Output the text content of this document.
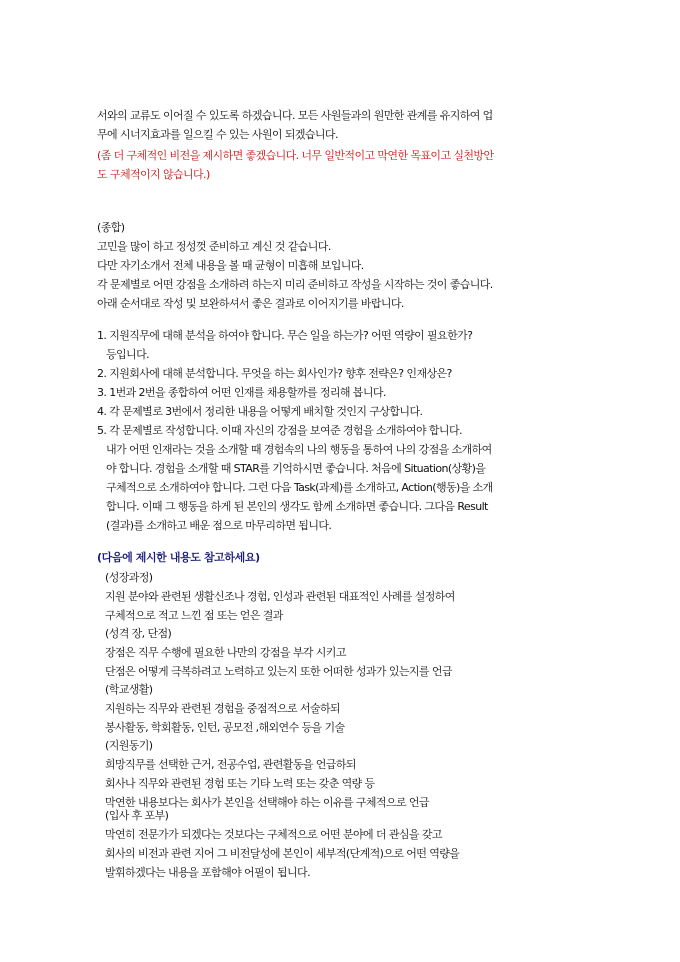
서와의 교류도 이어질 수 있도록 하겠습니다. 모든 사원들과의 원만한 관계를 유지하여 업
무에 시너지효과를 일으킬 수 있는 사원이 되겠습니다.
(좀 더 구체적인 비전을 제시하면 좋겠습니다. 너무 일반적이고 막연한 목표이고 실천방안
도 구체적이지 않습니다.)
(종합)
고민을 많이 하고 정성껏 준비하고 계신 것 같습니다.
다만 자기소개서 전체 내용을 볼 때 균형이 미흡해 보입니다.
각 문제별로 어떤 강점을 소개하려 하는지 미리 준비하고 작성을 시작하는 것이 좋습니다.
아래 순서대로 작성 및 보완하셔서 좋은 결과로 이어지기를 바랍니다.
1. 지원직무에 대해 분석을 하여야 합니다. 무슨 일을 하는가? 어떤 역량이 필요한가?
등입니다.
2. 지원회사에 대해 분석합니다. 무엇을 하는 회사인가? 향후 전략은? 인재상은?
3. 1번과 2번을 종합하여 어떤 인재를 채용할까를 정리해 봅니다.
4. 각 문제별로 3번에서 정리한 내용을 어떻게 배치할 것인지 구상합니다.
5. 각 문제별로 작성합니다. 이때 자신의 강점을 보여준 경험을 소개하여야 합니다.
내가 어떤 인재라는 것을 소개할 때 경험속의 나의 행동을 통하여 나의 강점을 소개하여
야 합니다. 경험을 소개할 때 STAR를 기억하시면 좋습니다. 처음에 Situation(상황)을
구체적으로 소개하여야 합니다. 그런 다음 Task(과제)를 소개하고, Action(행동)을 소개
합니다. 이때 그 행동을 하게 된 본인의 생각도 함께 소개하면 좋습니다. 그다음 Result
(결과)를 소개하고 배운 점으로 마무리하면 됩니다.
(다음에 제시한 내용도 참고하세요)
(성장과정)
지원 분야와 관련된 생활신조나 경험, 인성과 관련된 대표적인 사례를 설정하여
구체적으로 적고 느낀 점 또는 얻은 결과
(성격 장, 단점)
장점은 직무 수행에 필요한 나만의 강점을 부각 시키고
단점은 어떻게 극복하려고 노력하고 있는지 또한 어떠한 성과가 있는지를 언급
(학교생활)
지원하는 직무와 관련된 경험을 중점적으로 서술하되
봉사활동, 학회활동, 인턴, 공모전 ,해외연수 등을 기술
(지원동기)
희망직무를 선택한 근거, 전공수업, 관련활동을 언급하되
회사나 직무와 관련된 경험 또는 기타 노력 또는 갖춘 역량 등
막연한 내용보다는 회사가 본인을 선택해야 하는 이유를 구체적으로 언급
(입사 후 포부)
막연히 전문가가 되겠다는 것보다는 구체적으로 어떤 분야에 더 관심을 갖고
회사의 비전과 관련 지어 그 비전달성에 본인이 세부적(단계적)으로 어떤 역량을
발휘하겠다는 내용을 포함해야 어필이 됩니다.
